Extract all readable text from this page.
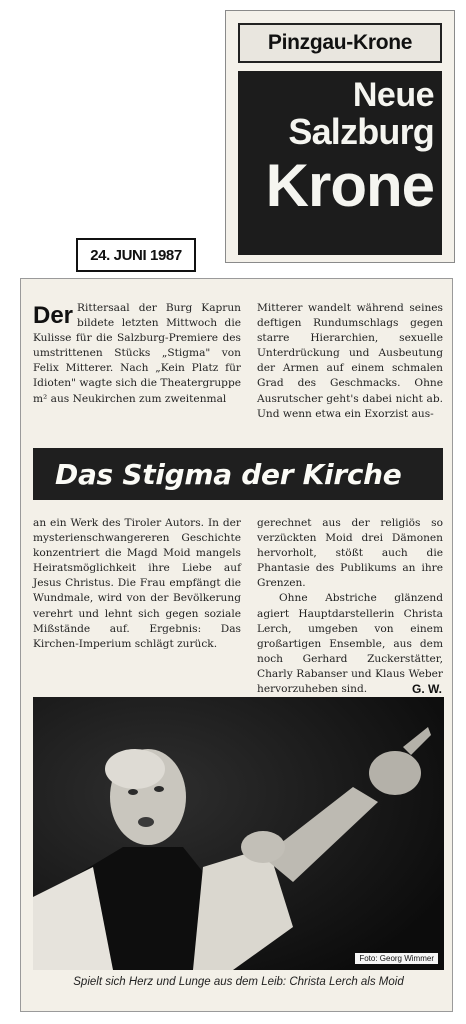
Pinzgau-Krone
Neue
Salzburg
Krone
24. JUNI 1987

Der Rittersaal der Burg Kaprun bildete letzten Mittwoch die Kulisse für die Salzburg-Premiere des umstrittenen Stücks „Stigma" von Felix Mitterer. Nach „Kein Platz für Idioten" wagte sich die Theatergruppe m² aus Neukirchen zum zweitenmal

Mitterer wandelt während seines deftigen Rundumschlags gegen starre Hierarchien, sexuelle Unterdrückung und Ausbeutung der Armen auf einem schmalen Grad des Geschmacks. Ohne Ausrutscher geht's dabei nicht ab. Und wenn etwa ein Exorzist aus-

Das Stigma der Kirche

an ein Werk des Tiroler Autors. In der mysterienschwangereren Geschichte konzentriert die Magd Moid mangels Heiratsmöglichkeit ihre Liebe auf Jesus Christus. Die Frau empfängt die Wundmale, wird von der Bevölkerung verehrt und lehnt sich gegen soziale Mißstände auf. Ergebnis: Das Kirchen-Imperium schlägt zurück.

gerechnet aus der religiös so verzückten Moid drei Dämonen hervorholt, stößt auch die Phantasie des Publikums an ihre Grenzen.

Ohne Abstriche glänzend agiert Hauptdarstellerin Christa Lerch, umgeben von einem großartigen Ensemble, aus dem noch Gerhard Zuckerstätter, Charly Rabanser und Klaus Weber hervorzuheben sind.	G. W.
Foto: Georg Wimmer
Spielt sich Herz und Lunge aus dem Leib: Christa Lerch als Moid
